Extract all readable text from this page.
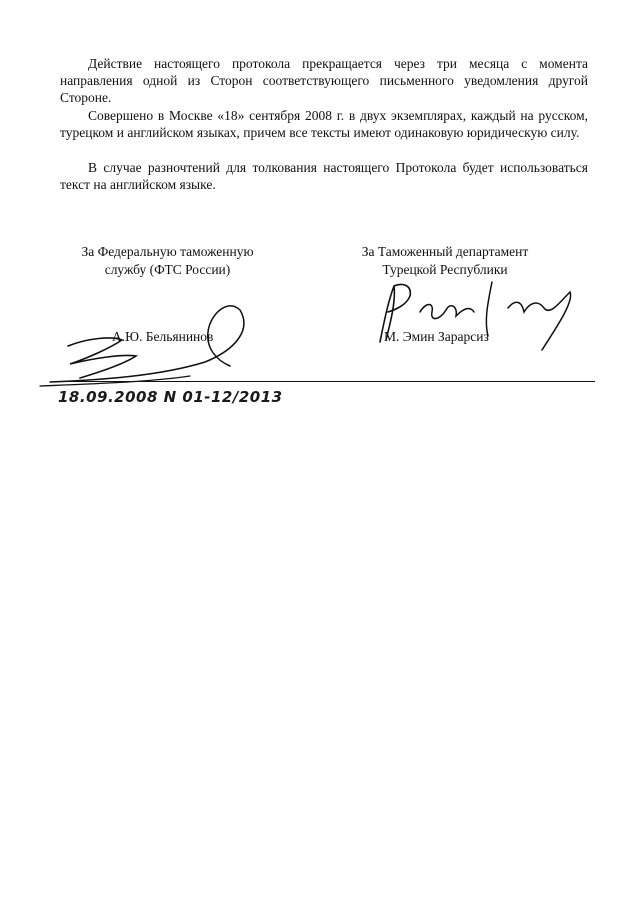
Действие настоящего протокола прекращается через три месяца с момента направления одной из Сторон соответствующего письменного уведомления другой Стороне.

Совершено в Москве «18» сентября 2008 г. в двух экземплярах, каждый на русском, турецком и английском языках, причем все тексты имеют одинаковую юридическую силу.

В случае разночтений для толкования настоящего Протокола будет использоваться текст на английском языке.

За Федеральную таможенную
службу (ФТС России)
За Таможенный департамент
Турецкой Республики
А.Ю. Бельянинов	М. Эмин Зарарсиз
18.09.2008 N 01-12/2013
